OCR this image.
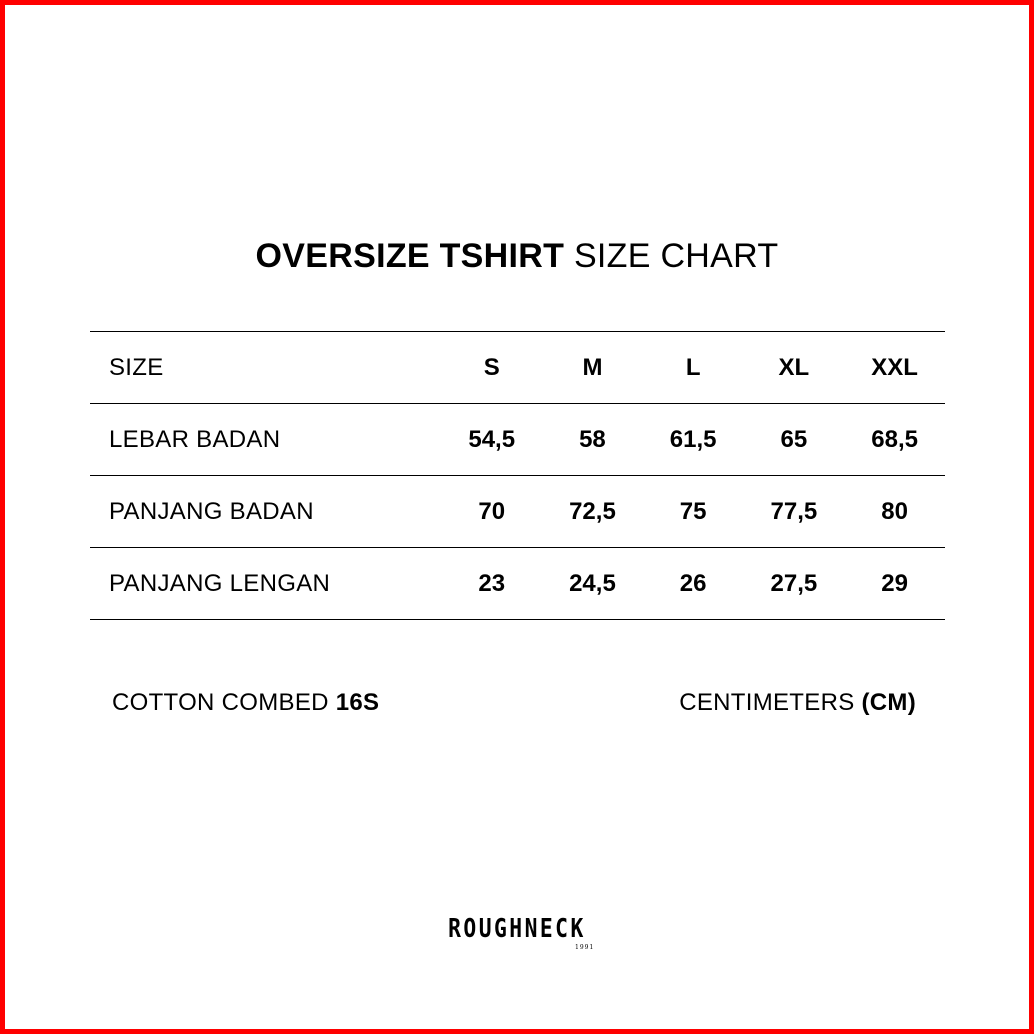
OVERSIZE TSHIRT SIZE CHART
SIZE	S	M	L	XL	XXL
LEBAR BADAN	54,5	58	61,5	65	68,5
PANJANG BADAN	70	72,5	75	77,5	80
PANJANG LENGAN	23	24,5	26	27,5	29
COTTON COMBED 16S	CENTIMETERS (CM)
ROUGHNECK
1991
